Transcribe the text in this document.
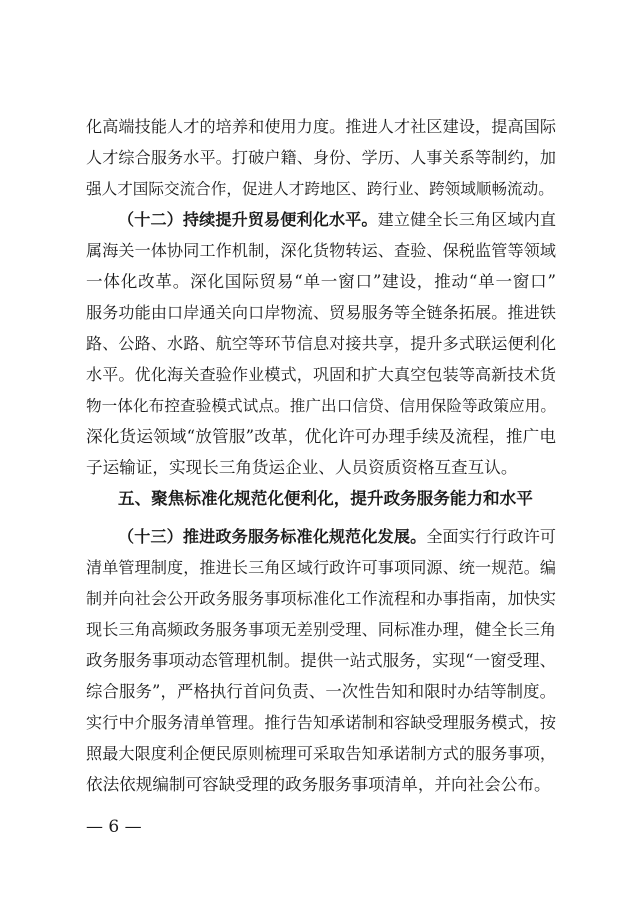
化高端技能人才的培养和使用力度。推进人才社区建设，提高国际
人才综合服务水平。打破户籍、身份、学历、人事关系等制约，加
强人才国际交流合作，促进人才跨地区、跨行业、跨领域顺畅流动。
（十二）持续提升贸易便利化水平。建立健全长三角区域内直
属海关一体协同工作机制，深化货物转运、查验、保税监管等领域
一体化改革。深化国际贸易“单一窗口”建设，推动“单一窗口”
服务功能由口岸通关向口岸物流、贸易服务等全链条拓展。推进铁
路、公路、水路、航空等环节信息对接共享，提升多式联运便利化
水平。优化海关查验作业模式，巩固和扩大真空包装等高新技术货
物一体化布控查验模式试点。推广出口信贷、信用保险等政策应用。
深化货运领域“放管服”改革，优化许可办理手续及流程，推广电
子运输证，实现长三角货运企业、人员资质资格互查互认。
五、聚焦标准化规范化便利化，提升政务服务能力和水平
（十三）推进政务服务标准化规范化发展。全面实行行政许可
清单管理制度，推进长三角区域行政许可事项同源、统一规范。编
制并向社会公开政务服务事项标准化工作流程和办事指南，加快实
现长三角高频政务服务事项无差别受理、同标准办理，健全长三角
政务服务事项动态管理机制。提供一站式服务，实现“一窗受理、
综合服务”，严格执行首问负责、一次性告知和限时办结等制度。
实行中介服务清单管理。推行告知承诺制和容缺受理服务模式，按
照最大限度利企便民原则梳理可采取告知承诺制方式的服务事项，
依法依规编制可容缺受理的政务服务事项清单，并向社会公布。
— 6 —
